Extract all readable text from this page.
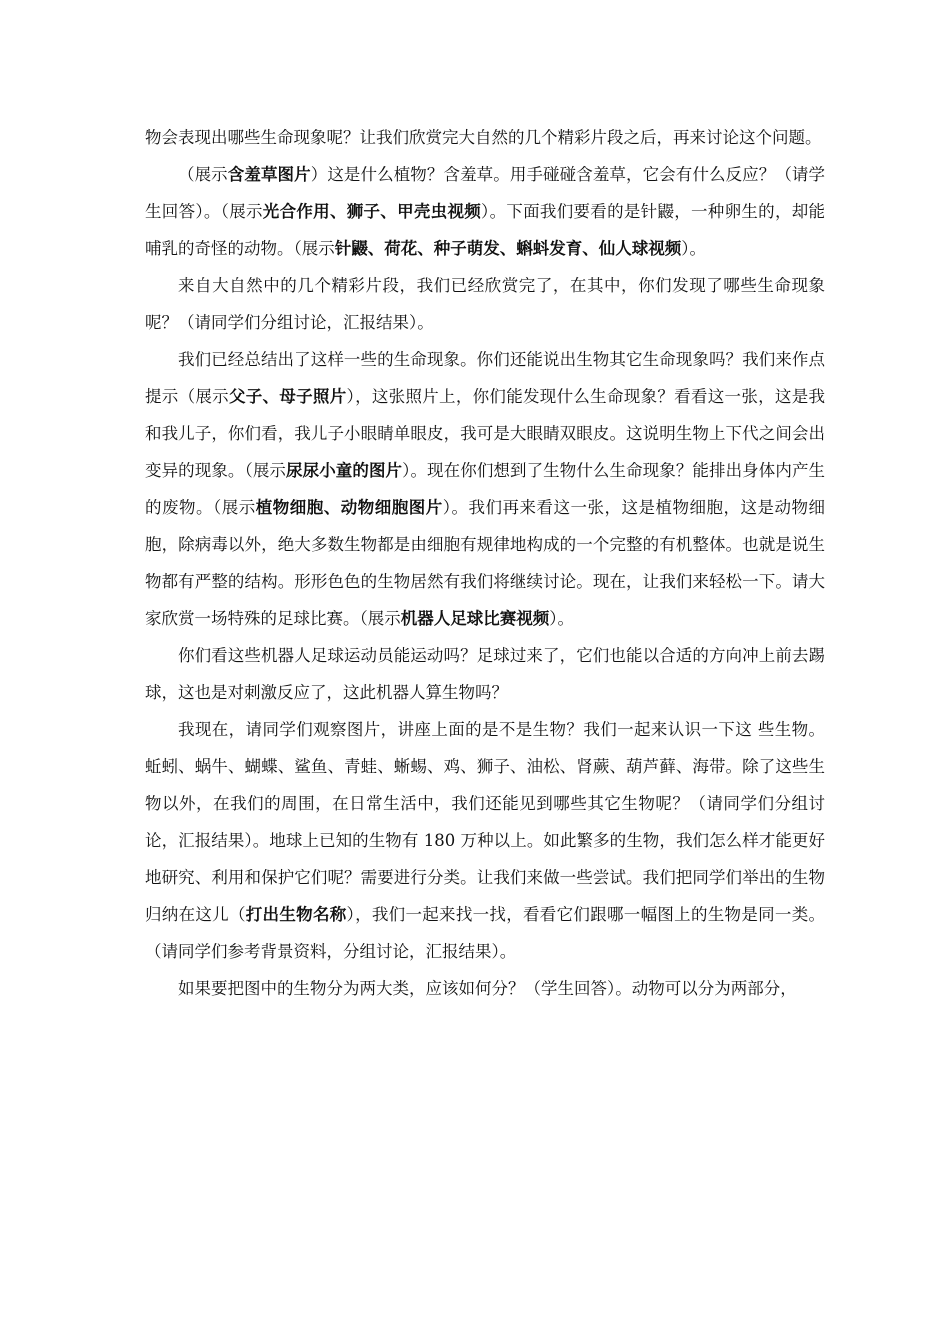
物会表现出哪些生命现象呢？让我们欣赏完大自然的几个精彩片段之后，再来讨论这个问题。

（展示含羞草图片）这是什么植物？含羞草。用手碰碰含羞草，它会有什么反应？（请学生回答）。（展示光合作用、狮子、甲壳虫视频）。下面我们要看的是针鼹，一种卵生的，却能哺乳的奇怪的动物。（展示针鼹、荷花、种子萌发、蝌蚪发育、仙人球视频）。

来自大自然中的几个精彩片段，我们已经欣赏完了，在其中，你们发现了哪些生命现象呢？（请同学们分组讨论，汇报结果）。

我们已经总结出了这样一些的生命现象。你们还能说出生物其它生命现象吗？我们来作点提示（展示父子、母子照片），这张照片上，你们能发现什么生命现象？看看这一张，这是我和我儿子，你们看，我儿子小眼睛单眼皮，我可是大眼睛双眼皮。这说明生物上下代之间会出变异的现象。（展示尿尿小童的图片）。现在你们想到了生物什么生命现象？能排出身体内产生的废物。（展示植物细胞、动物细胞图片）。我们再来看这一张，这是植物细胞，这是动物细胞，除病毒以外，绝大多数生物都是由细胞有规律地构成的一个完整的有机整体。也就是说生物都有严整的结构。形形色色的生物居然有我们将继续讨论。现在，让我们来轻松一下。请大家欣赏一场特殊的足球比赛。（展示机器人足球比赛视频）。

你们看这些机器人足球运动员能运动吗？足球过来了，它们也能以合适的方向冲上前去踢球，这也是对刺激反应了，这此机器人算生物吗？

我现在，请同学们观察图片，讲座上面的是不是生物？我们一起来认识一下这 些生物。蚯蚓、蜗牛、蝴蝶、鲨鱼、青蛙、蜥蜴、鸡、狮子、油松、肾蕨、葫芦藓、海带。除了这些生物以外，在我们的周围，在日常生活中，我们还能见到哪些其它生物呢？（请同学们分组讨论，汇报结果）。地球上已知的生物有 180 万种以上。如此繁多的生物，我们怎么样才能更好地研究、利用和保护它们呢？需要进行分类。让我们来做一些尝试。我们把同学们举出的生物归纳在这儿（打出生物名称），我们一起来找一找，看看它们跟哪一幅图上的生物是同一类。（请同学们参考背景资料，分组讨论，汇报结果）。

如果要把图中的生物分为两大类，应该如何分？（学生回答）。动物可以分为两部分，
